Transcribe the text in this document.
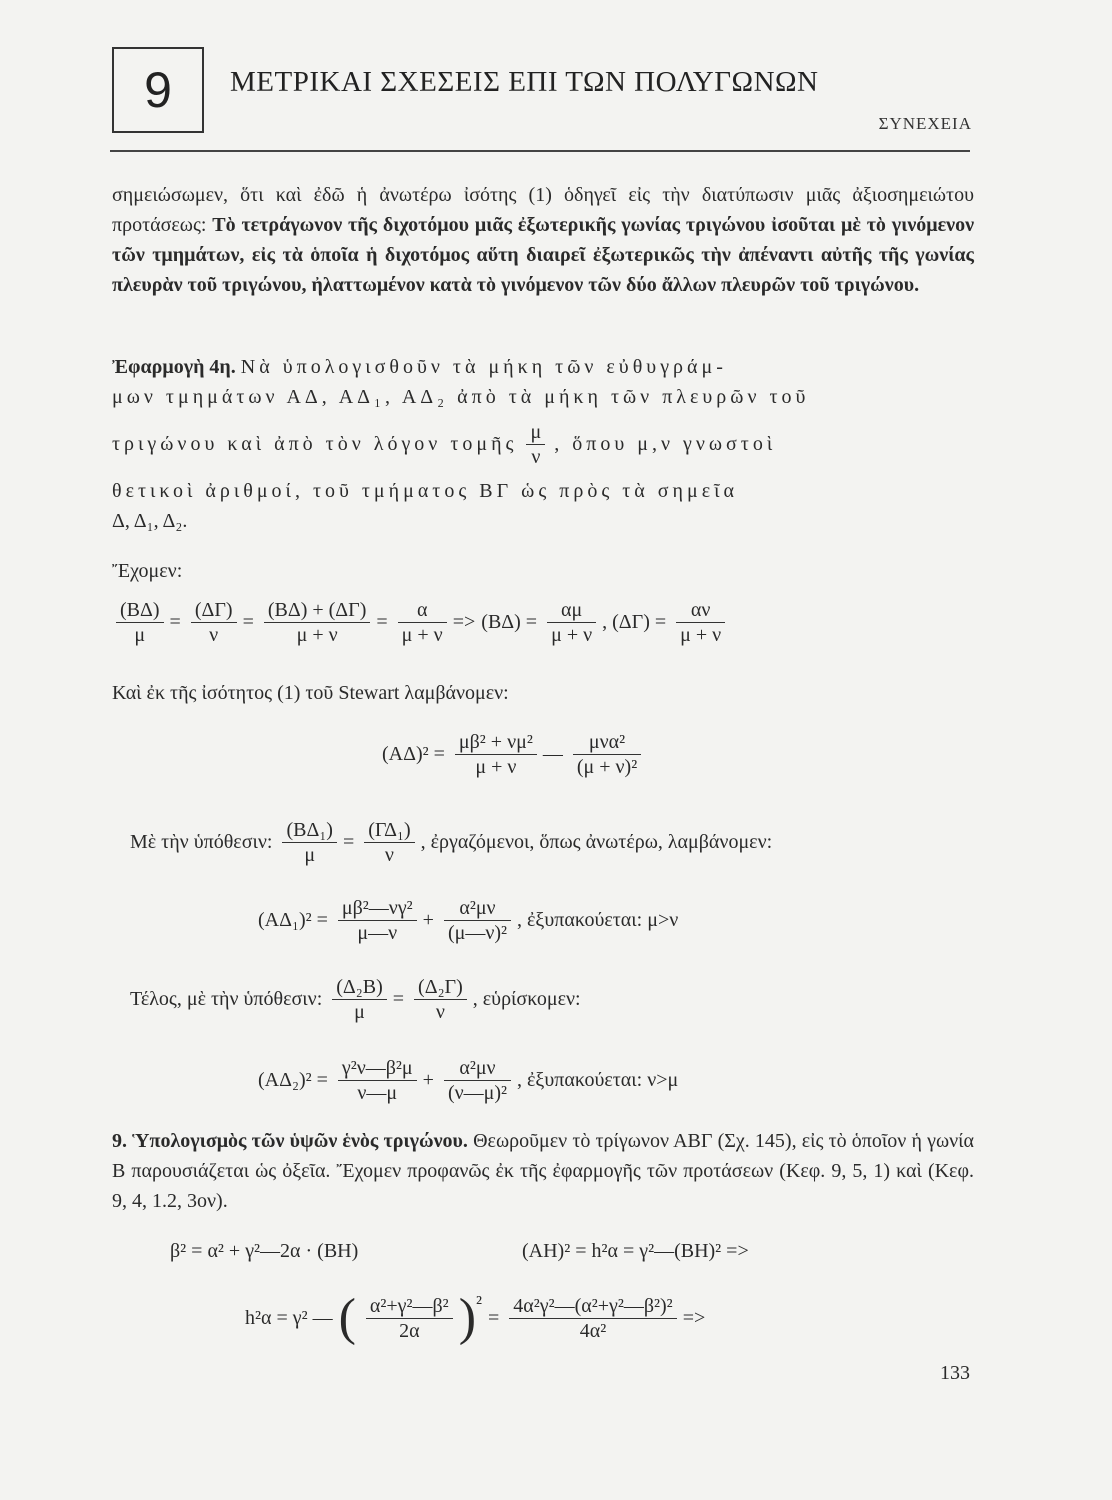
9 ΜΕΤΡΙΚΑΙ ΣΧΕΣΕΙΣ ΕΠΙ ΤΩΝ ΠΟΛΥΓΩΝΩΝ
ΣΥΝΕΧΕΙΑ

σημειώσωμεν, ὅτι καὶ ἐδῶ ἡ ἀνωτέρω ἰσότης (1) ὁδηγεῖ εἰς τὴν διατύπωσιν μιᾶς ἀξιοσημειώτου προτάσεως: Τὸ τετράγωνον τῆς διχοτόμου μιᾶς ἐξωτερικῆς γωνίας τριγώνου ἰσοῦται μὲ τὸ γινόμενον τῶν τμημάτων, εἰς τὰ ὁποῖα ἡ διχοτόμος αὕτη διαιρεῖ ἐξωτερικῶς τὴν ἀπέναντι αὐτῆς τῆς γωνίας πλευρὰν τοῦ τριγώνου, ἠλαττωμένον κατὰ τὸ γινόμενον τῶν δύο ἄλλων πλευρῶν τοῦ τριγώνου.

Ἐφαρμογὴ 4η. Νὰ ὑπολογισθοῦν τὰ μήκη τῶν εὐθυγράμ-

μων τμημάτων ΑΔ, ΑΔ₁, ΑΔ₂ ἀπὸ τὰ μήκη τῶν πλευρῶν τοῦ

τριγώνου καὶ ἀπὸ τὸν λόγον τομῆς $\frac{\mu}{\nu}$ , ὅπου μ,ν γνωστοὶ
θετικοὶ ἀριθμοί, τοῦ τμήματος ΒΓ ὡς πρὸς τὰ σημεῖα
Δ, Δ₁, Δ₂.
Ἔχομεν:
$\frac{(B\Delta)}{\mu} = \frac{(\Delta\Gamma)}{\nu} = \frac{(B\Delta) + (\Delta\Gamma)}{\mu + \nu} = \frac{\alpha}{\mu + \nu} => (B\Delta) = \frac{\alpha\mu}{\mu + \nu}$ , $(\Delta\Gamma) = \frac{\alpha\nu}{\mu + \nu}$
Καὶ ἐκ τῆς ἰσότητος (1) τοῦ Stewart λαμβάνομεν:
$(A\Delta)^2 = \frac{\text{μβ² + νμ²}}{\mu + \nu}$ — $\frac{\text{μνα²}}{\text{(μ + ν)²}}$
Μὲ τὴν ὑπόθεσιν: $\frac{\text{(ΒΔ₁)}}{\mu} = \frac{\text{(ΓΔ₁)}}{\nu}$ , ἐργαζόμενοι, ὅπως ἀνωτέρω, λαμβάνομεν:
$(A\Delta_1)^2 = \frac{\text{μβ²—νγ²}}{\mu—\nu} + \frac{\text{α²μν}}{\text{(μ—ν)²}}$ , ἐξυπακούεται: μ>ν
Τέλος, μὲ τὴν ὑπόθεσιν: $\frac{\text{(Δ₂Β)}}{\mu} = \frac{\text{(Δ₂Γ)}}{\nu}$ , εὑρίσκομεν:
$(A\Delta_2)^2 = \frac{\text{γ²ν—β²μ}}{\nu—\mu} + \frac{\text{α²μν}}{\text{(ν—μ)²}}$ , ἐξυπακούεται: ν>μ

9. Ὑπολογισμὸς τῶν ὑψῶν ἑνὸς τριγώνου. Θεωροῦμεν τὸ τρίγωνον ΑΒΓ (Σχ. 145), εἰς τὸ ὁποῖον ἡ γωνία Β παρουσιάζεται ὡς ὀξεῖα. Ἔχομεν προφανῶς ἐκ τῆς ἐφαρμογῆς τῶν προτάσεων (Κεφ. 9, 5, 1) καὶ (Κεφ. 9, 4, 1.2, 3ον).

β² = α² + γ²—2α · (ΒΗ)	(ΑΗ)² = h²α = γ²—(ΒΗ)² =>
h²α = γ² — ( $\frac{\text{α²+γ²—β²}}{2\alpha}$ ) ²
= $\frac{\text{4α²γ²—(α²+γ²—β²)²}}{\text{4α²}}$ =>
133
